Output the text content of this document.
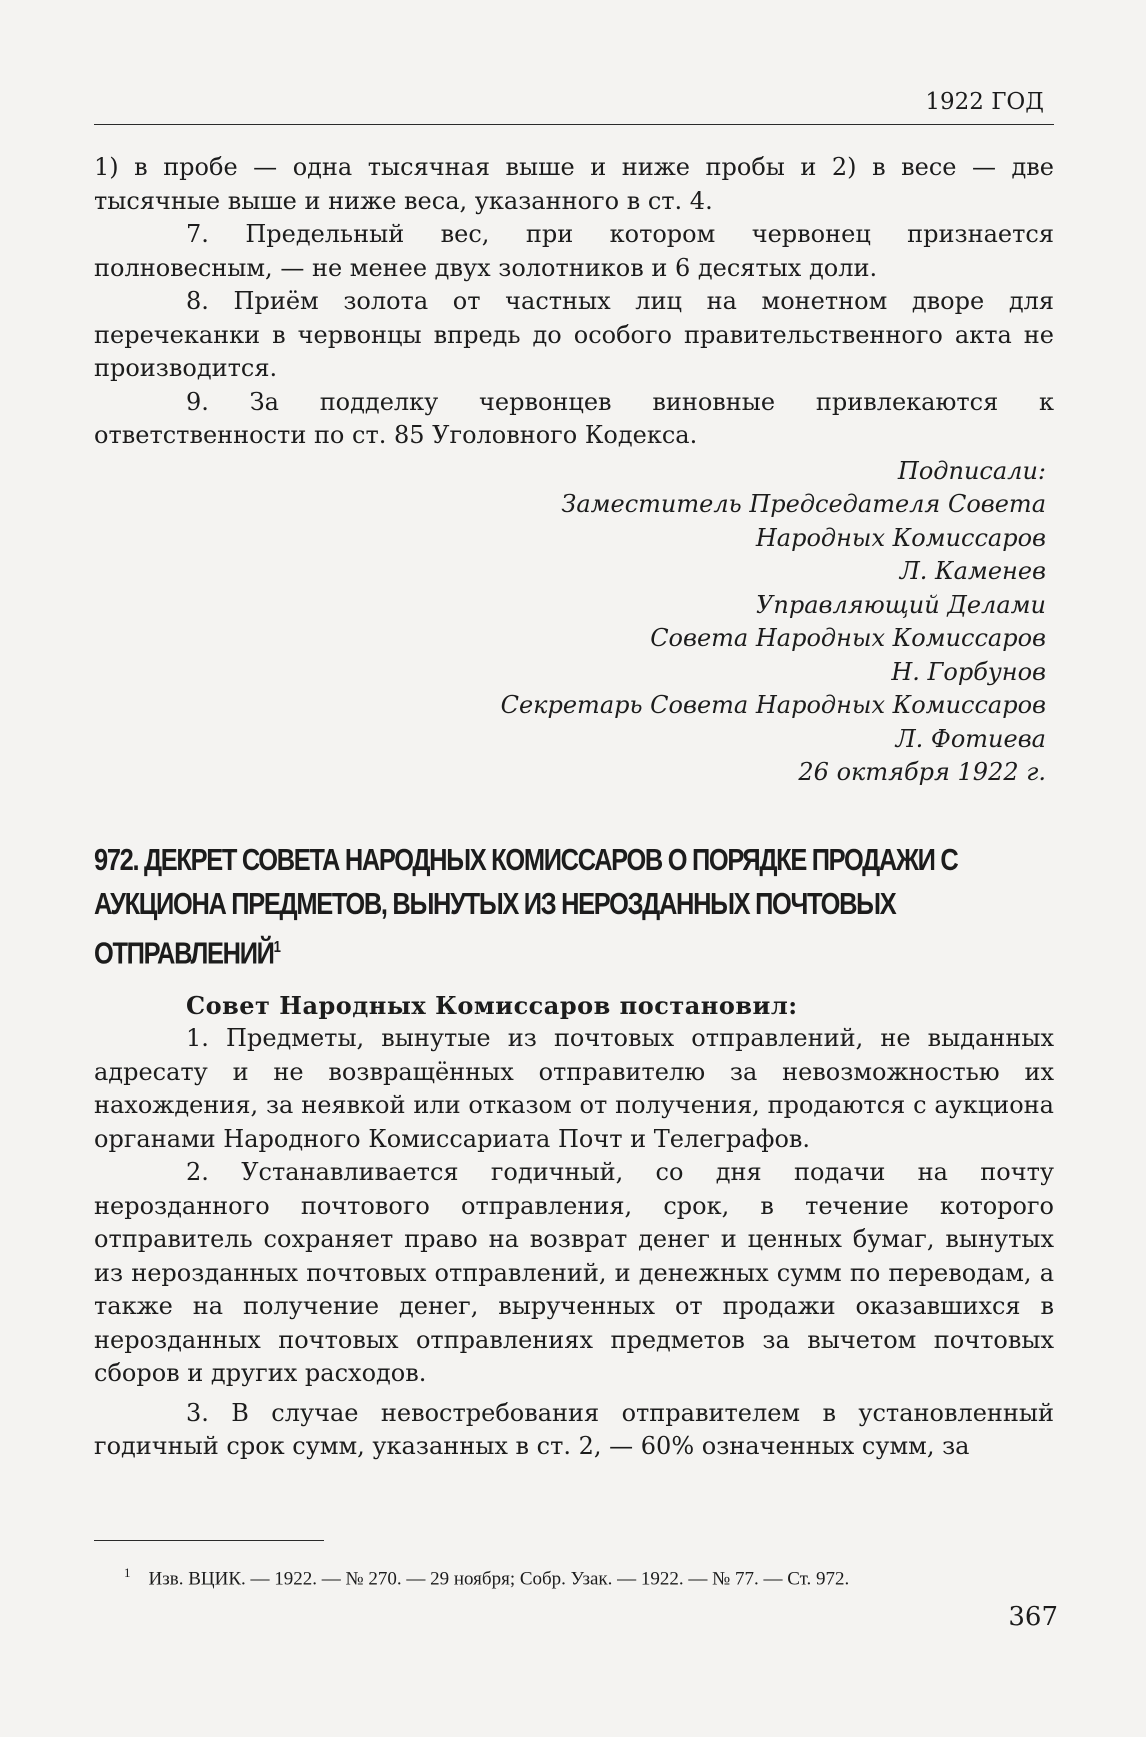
1922 ГОД

1) в пробе — одна тысячная выше и ниже пробы и 2) в весе — две тысячные выше и ниже веса, указанного в ст. 4.

7. Предельный вес, при котором червонец признается полновесным, — не менее двух золотников и 6 десятых доли.

8. Приём золота от частных лиц на монетном дворе для перечеканки в червонцы впредь до особого правительственного акта не производится.

9. За подделку червонцев виновные привлекаются к ответственности по ст. 85 Уголовного Кодекса.

Подписали:
Заместитель Председателя Совета
Народных Комиссаров
Л. Каменев
Управляющий Делами
Совета Народных Комиссаров
Н. Горбунов
Секретарь Совета Народных Комиссаров
Л. Фотиева
26 октября 1922 г.
972. ДЕКРЕТ СОВЕТА НАРОДНЫХ КОМИССАРОВ О ПОРЯДКЕ ПРОДАЖИ С АУКЦИОНА ПРЕДМЕТОВ, ВЫНУТЫХ ИЗ НЕРОЗДАННЫХ ПОЧТОВЫХ ОТПРАВЛЕНИЙ$^1$

Совет Народных Комиссаров постановил:

1. Предметы, вынутые из почтовых отправлений, не выданных адресату и не возвращённых отправителю за невозможностью их нахождения, за неявкой или отказом от получения, продаются с аукциона органами Народного Комиссариата Почт и Телеграфов.

2. Устанавливается годичный, со дня подачи на почту нерозданного почтового отправления, срок, в течение которого отправитель сохраняет право на возврат денег и ценных бумаг, вынутых из нерозданных почтовых отправлений, и денежных сумм по переводам, а также на получение денег, вырученных от продажи оказавшихся в нерозданных почтовых отправлениях предметов за вычетом почтовых сборов и других расходов.

3. В случае невостребования отправителем в установленный годичный срок сумм, указанных в ст. 2, — 60% означенных сумм, за

$^1$ Изв. ВЦИК. — 1922. — № 270. — 29 ноября; Собр. Узак. — 1922. — № 77. — Ст. 972.
367
